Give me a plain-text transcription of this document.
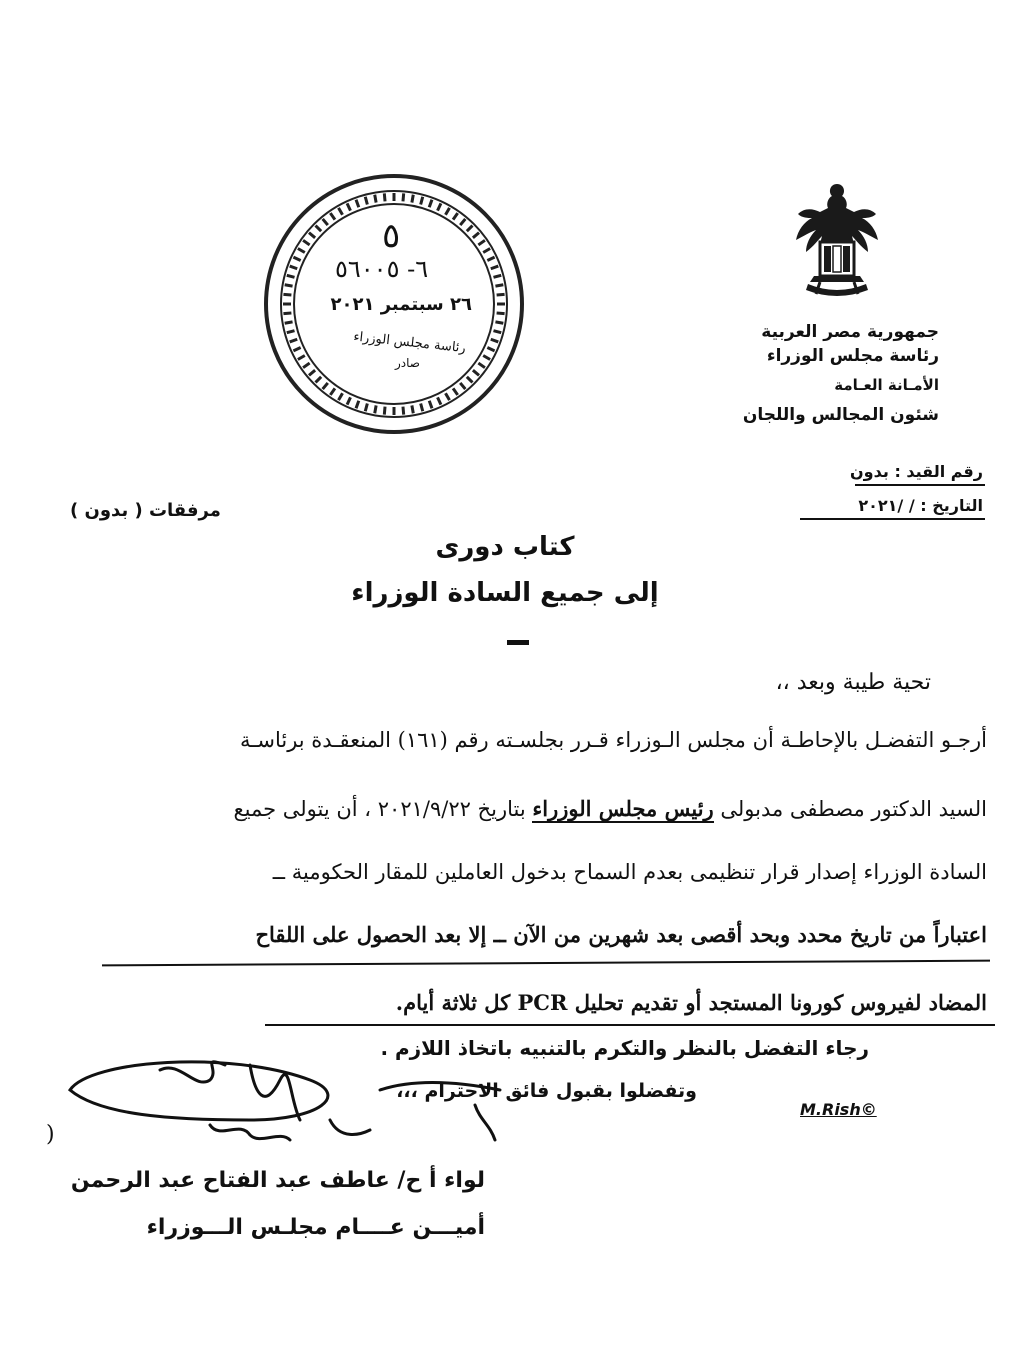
جمهورية مصر العربية
رئاسة مجلس الوزراء
الأمـانة العـامة
شئون المجالس واللجان
٥
٦- ٥٦٠٠٥
٢٦ سبتمبر ٢٠٢١
رئاسة مجلس الوزراء
صادر
رقم القيد : بدون
التاريخ : / /٢٠٢١
مرفقات ( بدون )
كتاب دورى
إلى جميع السادة الوزراء
تحية طيبة وبعد ،،
أرجـو التفضـل بالإحاطـة أن مجلس الـوزراء قـرر بجلسـته رقم (١٦١) المنعقـدة برئاسـة
السيد الدكتور مصطفى مدبولى رئيس مجلس الوزراء بتاريخ ٢٠٢١/٩/٢٢ ، أن يتولى جميع
السادة الوزراء إصدار قرار تنظيمى بعدم السماح بدخول العاملين للمقار الحكومية ــ
اعتباراً من تاريخ محدد وبحد أقصى بعد شهرين من الآن ــ إلا بعد الحصول على اللقاح
المضاد لفيروس كورونا المستجد أو تقديم تحليل PCR كل ثلاثة أيام.
رجاء التفضل بالنظر والتكرم بالتنبيه باتخاذ اللازم .
وتفضلوا بقبول فائق الاحترام ،،،
)
لواء أ ح/ عاطف عبد الفتاح عبد الرحمن
أميـــن عــــام مجلـس الـــوزراء
M.Rish©
